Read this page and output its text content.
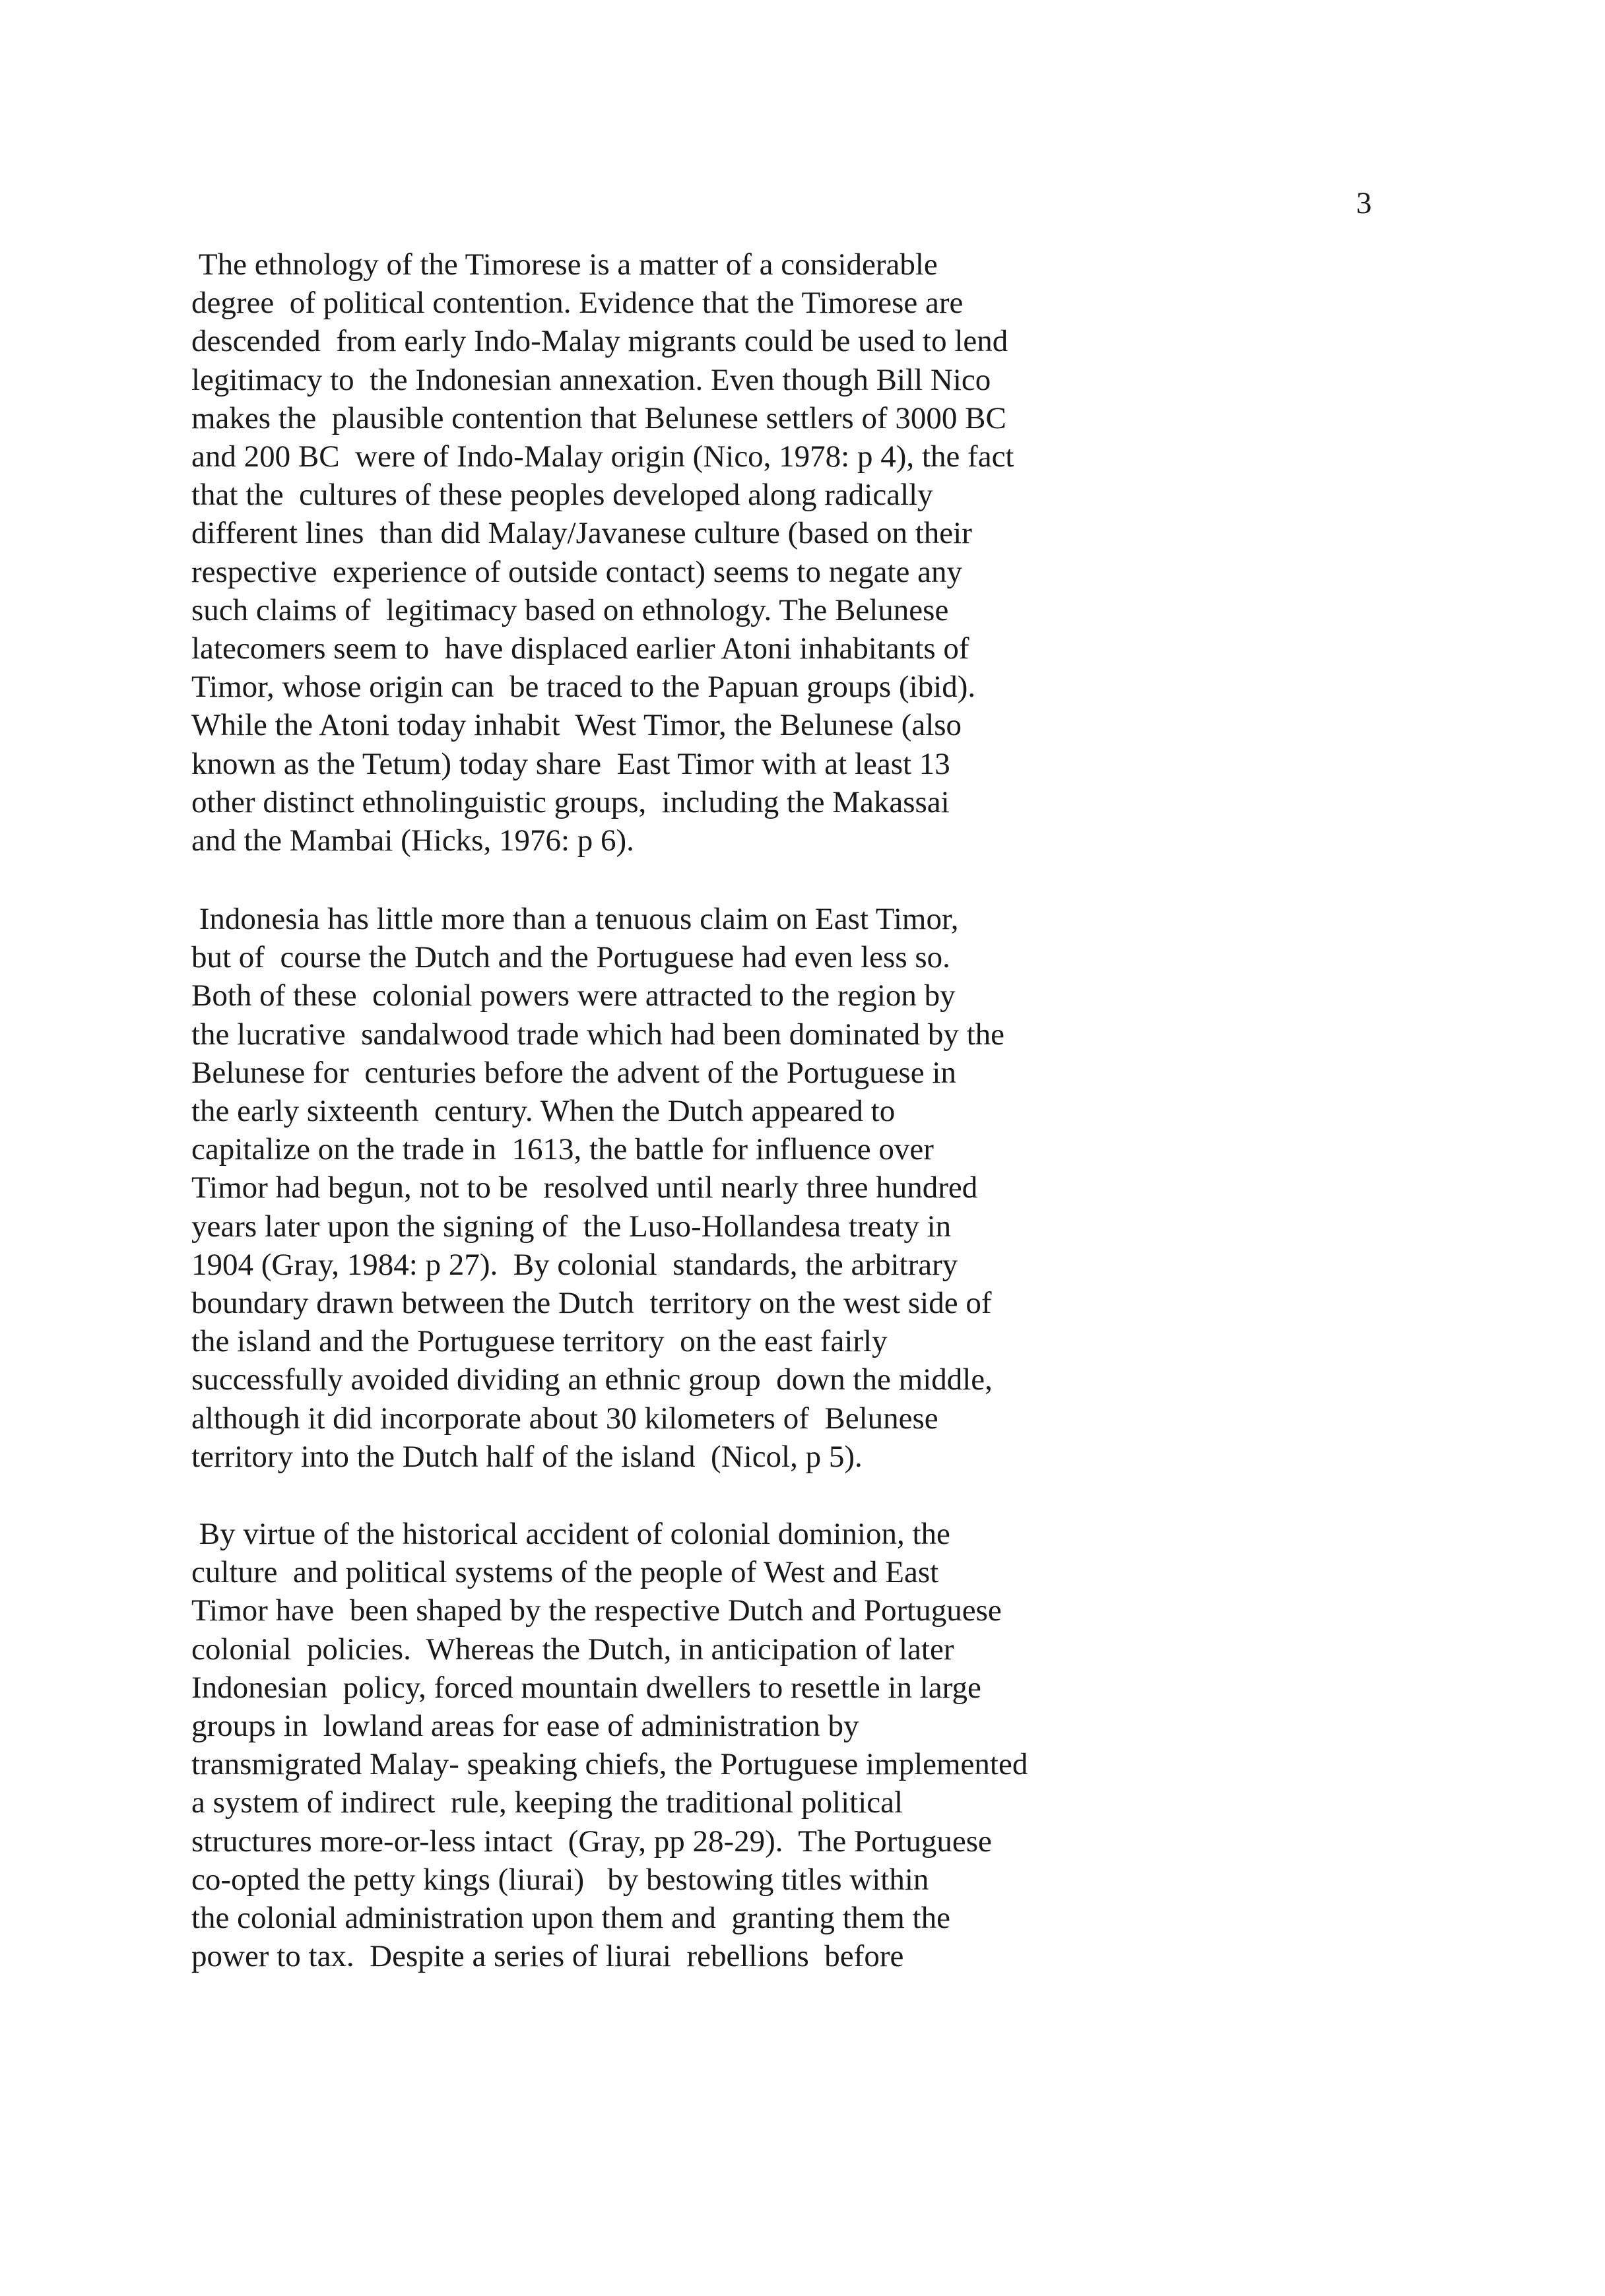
3
The ethnology of the Timorese is a matter of a considerable
degree  of political contention. Evidence that the Timorese are
descended  from early Indo-Malay migrants could be used to lend
legitimacy to  the Indonesian annexation. Even though Bill Nico
makes the  plausible contention that Belunese settlers of 3000 BC
and 200 BC  were of Indo-Malay origin (Nico, 1978: p 4), the fact
that the  cultures of these peoples developed along radically
different lines  than did Malay/Javanese culture (based on their
respective  experience of outside contact) seems to negate any
such claims of  legitimacy based on ethnology. The Belunese
latecomers seem to  have displaced earlier Atoni inhabitants of
Timor, whose origin can  be traced to the Papuan groups (ibid).
While the Atoni today inhabit  West Timor, the Belunese (also
known as the Tetum) today share  East Timor with at least 13
other distinct ethnolinguistic groups,  including the Makassai
and the Mambai (Hicks, 1976: p 6).
Indonesia has little more than a tenuous claim on East Timor,
but of  course the Dutch and the Portuguese had even less so.
Both of these  colonial powers were attracted to the region by
the lucrative  sandalwood trade which had been dominated by the
Belunese for  centuries before the advent of the Portuguese in
the early sixteenth  century. When the Dutch appeared to
capitalize on the trade in  1613, the battle for influence over
Timor had begun, not to be  resolved until nearly three hundred
years later upon the signing of  the Luso-Hollandesa treaty in
1904 (Gray, 1984: p 27).  By colonial  standards, the arbitrary
boundary drawn between the Dutch  territory on the west side of
the island and the Portuguese territory  on the east fairly
successfully avoided dividing an ethnic group  down the middle,
although it did incorporate about 30 kilometers of  Belunese
territory into the Dutch half of the island  (Nicol, p 5).
By virtue of the historical accident of colonial dominion, the
culture  and political systems of the people of West and East
Timor have  been shaped by the respective Dutch and Portuguese
colonial  policies.  Whereas the Dutch, in anticipation of later
Indonesian  policy, forced mountain dwellers to resettle in large
groups in  lowland areas for ease of administration by
transmigrated Malay- speaking chiefs, the Portuguese implemented
a system of indirect  rule, keeping the traditional political
structures more-or-less intact  (Gray, pp 28-29).  The Portuguese
co-opted the petty kings (liurai)   by bestowing titles within
the colonial administration upon them and  granting them the
power to tax.  Despite a series of liurai  rebellions  before
